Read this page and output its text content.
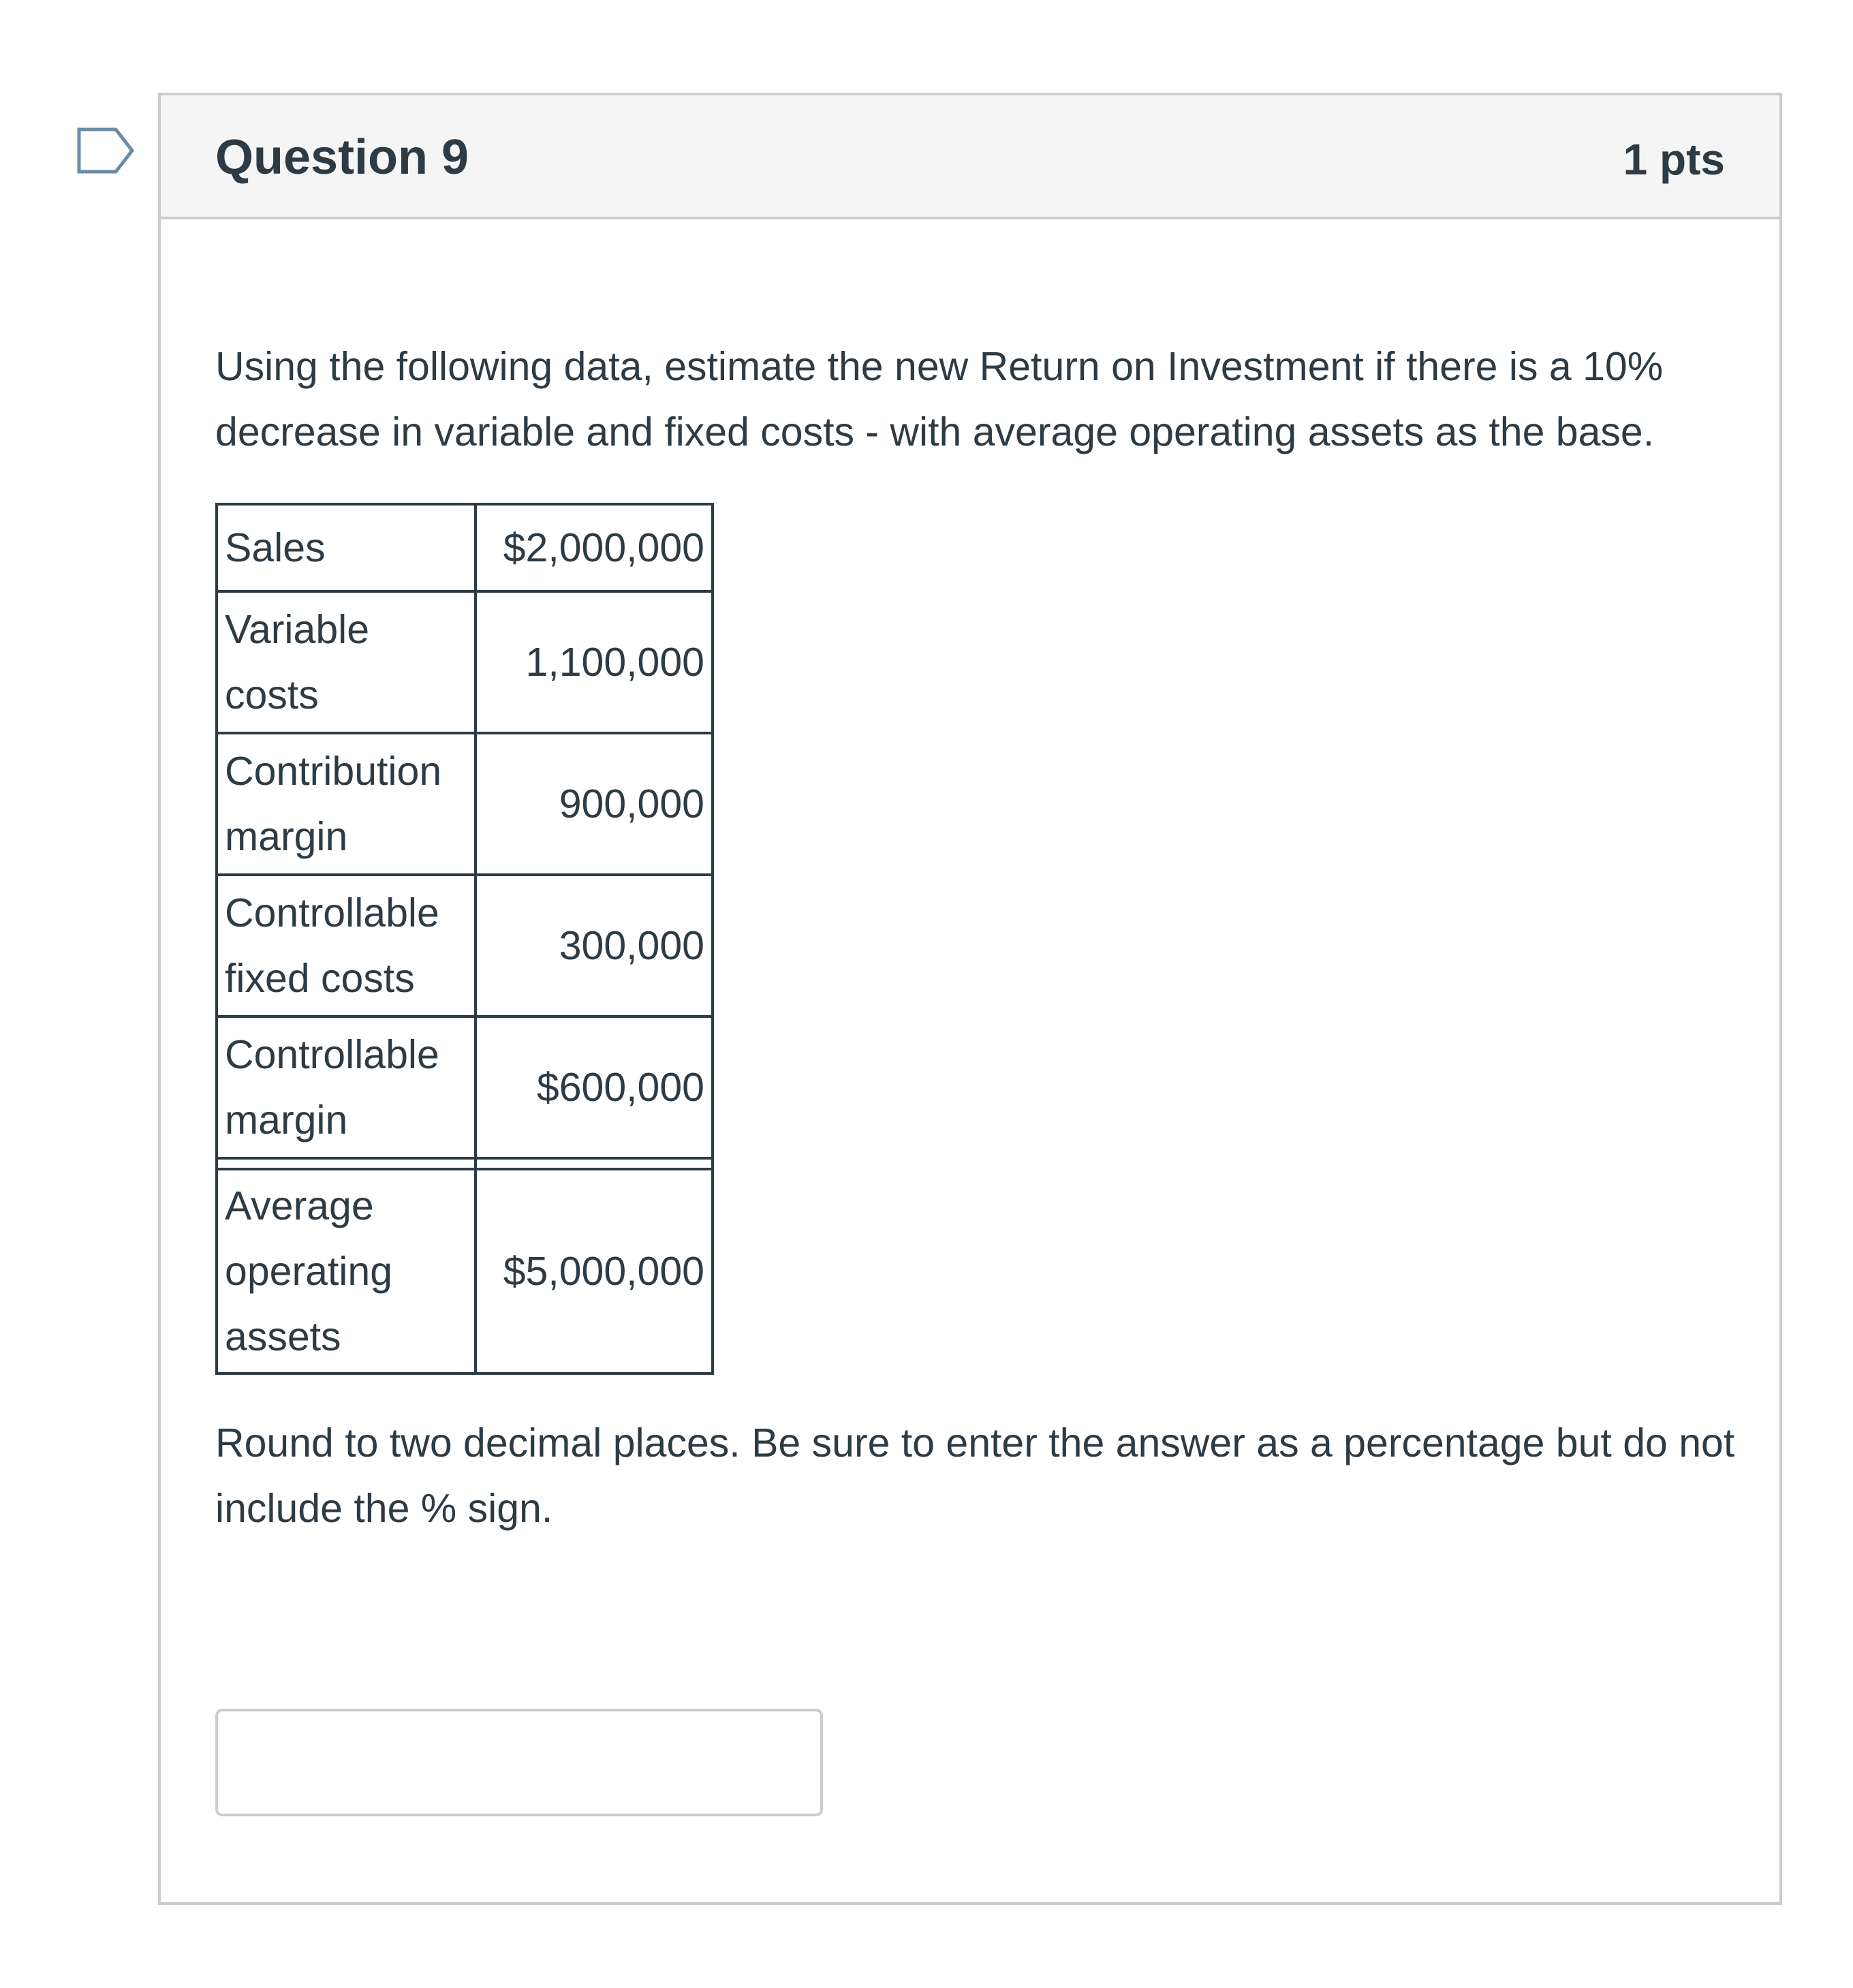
Question 9	1 pts

Using the following data, estimate the new Return on Investment if there is a 10% decrease in variable and fixed costs - with average operating assets as the base.

Sales	$2,000,000
Variable costs	1,100,000
Contribution margin	900,000
Controllable fixed costs	300,000
Controllable margin	$600,000

Average operating assets	$5,000,000

Round to two decimal places. Be sure to enter the answer as a percentage but do not include the % sign.
